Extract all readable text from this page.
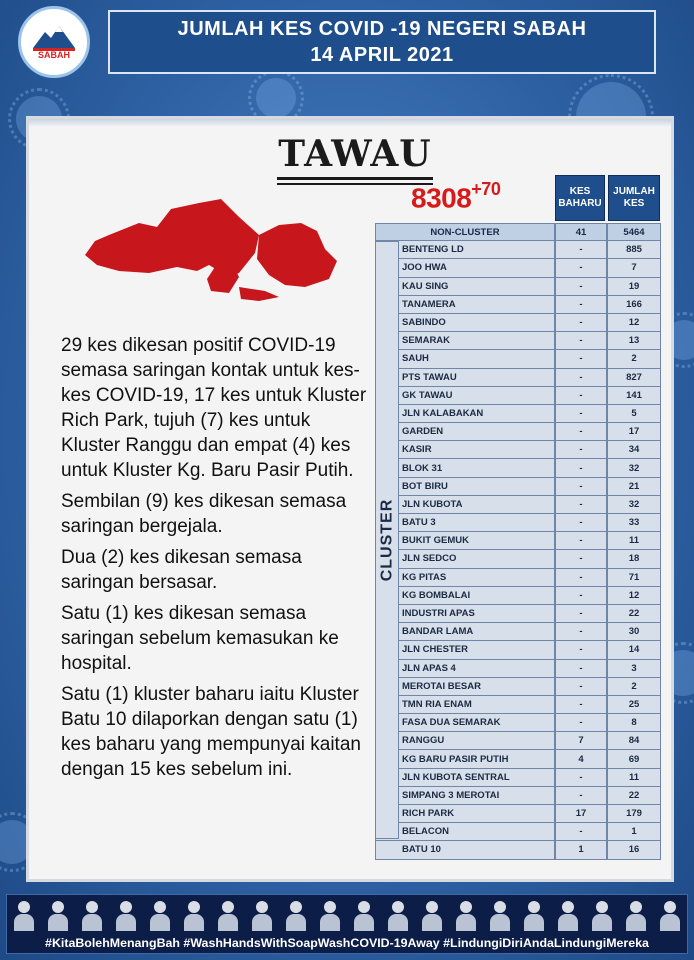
SABAH
JUMLAH KES COVID -19 NEGERI SABAH
14 APRIL 2021
TAWAU
$8308^{+70}$

29 kes dikesan positif COVID-19 semasa saringan kontak untuk kes-kes COVID-19, 17 kes untuk Kluster Rich Park, tujuh (7) kes untuk Kluster Ranggu dan empat (4) kes untuk Kluster Kg. Baru Pasir Putih.

Sembilan (9) kes dikesan semasa saringan bergejala.

Dua (2) kes dikesan semasa saringan bersasar.

Satu (1) kes dikesan semasa saringan sebelum kemasukan ke hospital.

Satu (1) kluster baharu iaitu Kluster Batu 10 dilaporkan dengan satu (1) kes baharu yang mempunyai kaitan dengan 15 kes sebelum ini.

KES BAHARU
JUMLAH KES
NON-CLUSTER	41	5464
BENTENG LD	-	885
JOO HWA	-	7
KAU SING	-	19
TANAMERA	-	166
SABINDO	-	12
SEMARAK	-	13
SAUH	-	2
PTS TAWAU	-	827
GK TAWAU	-	141
JLN KALABAKAN	-	5
GARDEN	-	17
KASIR	-	34
BLOK 31	-	32
BOT BIRU	-	21
JLN KUBOTA	-	32
BATU 3	-	33
BUKIT GEMUK	-	11
JLN SEDCO	-	18
KG PITAS	-	71
KG BOMBALAI	-	12
INDUSTRI APAS	-	22
BANDAR LAMA	-	30
JLN CHESTER	-	14
JLN APAS 4	-	3
MEROTAI BESAR	-	2
TMN RIA ENAM	-	25
FASA DUA SEMARAK	-	8
RANGGU	7	84
KG BARU PASIR PUTIH	4	69
JLN KUBOTA SENTRAL	-	11
SIMPANG 3 MEROTAI	-	22
RICH PARK	17	179
BELACON	-	1
BATU 10	1	16
CLUSTER
#KitaBolehMenangBah #WashHandsWithSoapWashCOVID-19Away #LindungiDiriAndaLindungiMereka
